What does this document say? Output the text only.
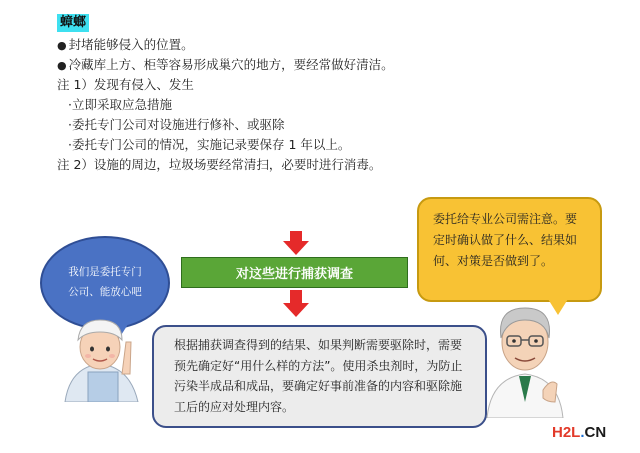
蟑螂
● 封堵能够侵入的位置。
● 冷藏库上方、柜等容易形成巢穴的地方，要经常做好清洁。
注 1）发现有侵入、发生
·立即采取应急措施
·委托专门公司对设施进行修补、或驱除
·委托专门公司的情况，实施记录要保存 1 年以上。
注 2）设施的周边，垃圾场要经常清扫，必要时进行消毒。
对这些进行捕获调查
我们是委托专门
公司、能放心吧
委托给专业公司需注意。要
定时确认做了什么、结果如
何、对策是否做到了。
根据捕获调查得到的结果、如果判断需要驱除时，需要
预先确定好“用什么样的方法”。使用杀虫剂时，为防止
污染半成品和成品，要确定好事前准备的内容和驱除施
工后的应对处理内容。
H2L.CN
